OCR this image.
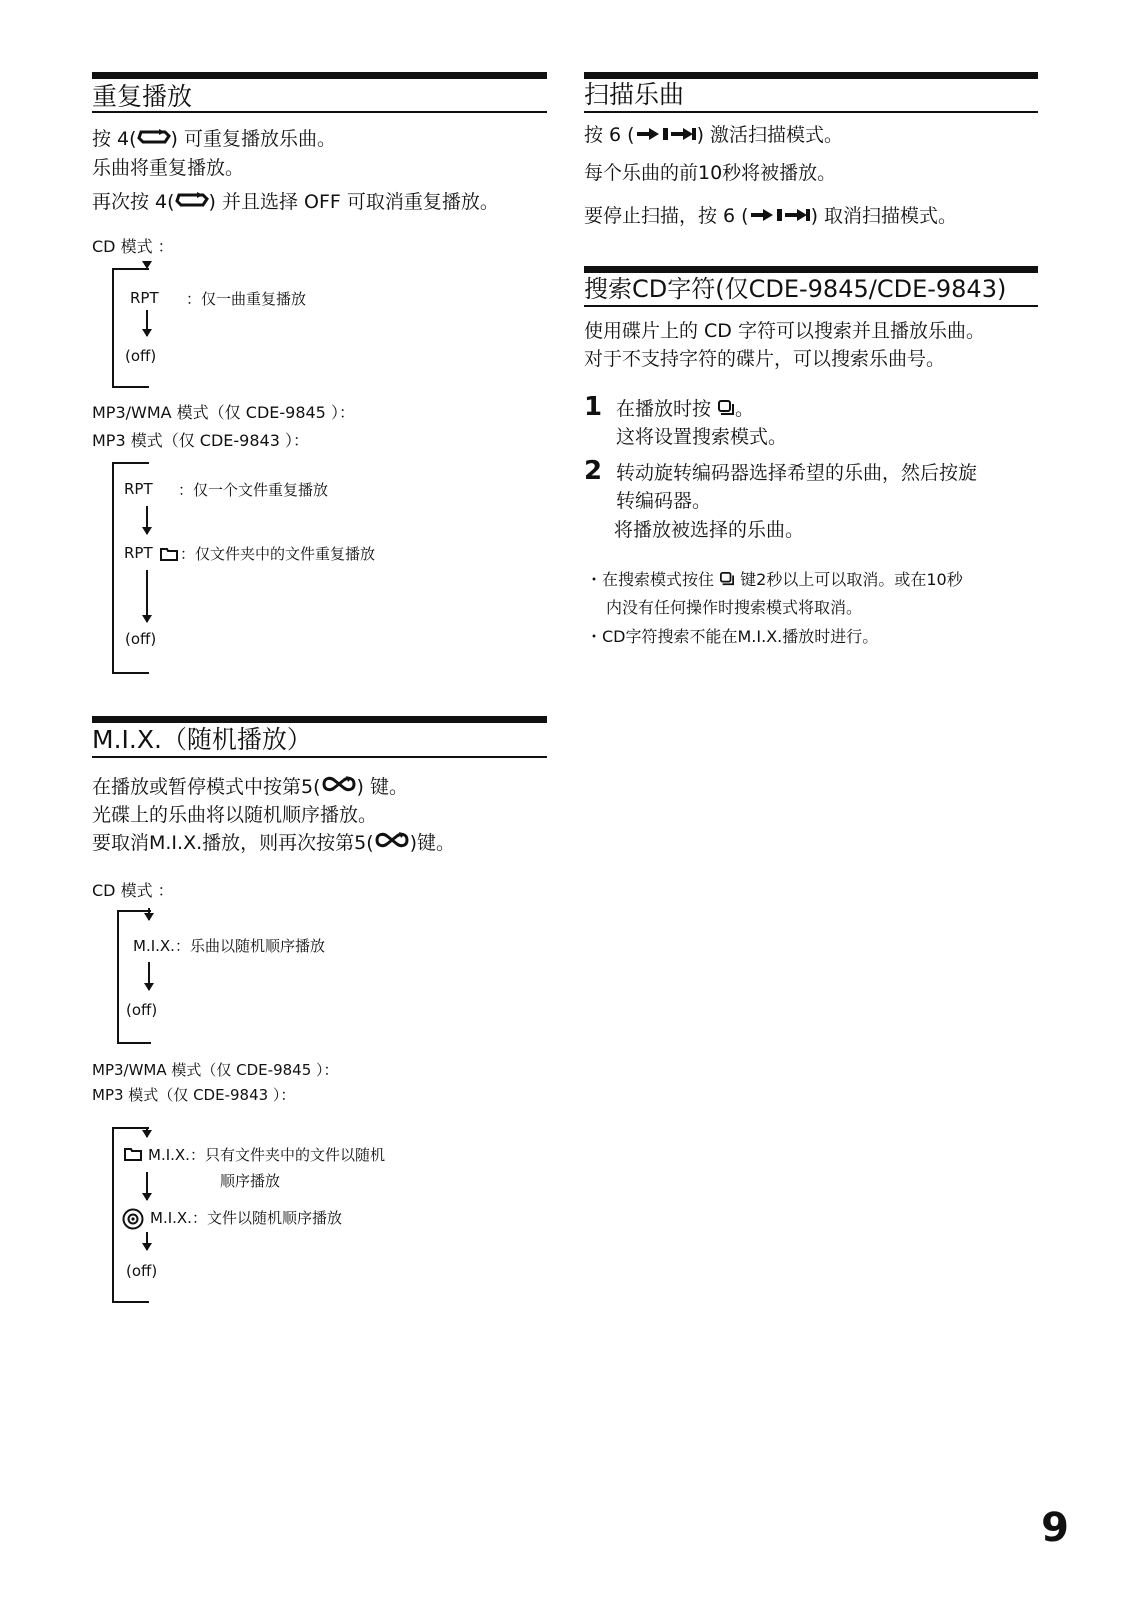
重复播放
按 4( ) 可重复播放乐曲。
乐曲将重复播放。
再次按 4( ) 并且选择 OFF 可取消重复播放。
CD 模式 ：
RPT ：仅一曲重复播放
(off)
MP3/WMA 模式（仅 CDE-9845 ）：
MP3 模式（仅 CDE-9843 ）：
RPT ：仅一个文件重复播放
RPT ：仅文件夹中的文件重复播放
(off)
M.I.X.（随机播放）
在播放或暂停模式中按第5( ) 键。
光碟上的乐曲将以随机顺序播放。
要取消M.I.X.播放，则再次按第5( )键。
CD 模式 ：
M.I.X.：乐曲以随机顺序播放
(off)
MP3/WMA 模式（仅 CDE-9845 ）：
MP3 模式（仅 CDE-9843 ）：
M.I.X.：只有文件夹中的文件以随机
顺序播放
M.I.X.：文件以随机顺序播放
(off)
扫描乐曲
按 6 (	) 激活扫描模式。
每个乐曲的前10秒将被播放。
要停止扫描，按 6 (	) 取消扫描模式。
搜索CD字符(仅CDE-9845/CDE-9843)
使用碟片上的 CD 字符可以搜索并且播放乐曲。
对于不支持字符的碟片，可以搜索乐曲号。
1 在播放时按 。
这将设置搜索模式。
2 转动旋转编码器选择希望的乐曲，然后按旋
转编码器。
将播放被选择的乐曲。
・在搜索模式按住  键2秒以上可以取消。或在10秒
内没有任何操作时搜索模式将取消。
・CD字符搜索不能在M.I.X.播放时进行。
9
